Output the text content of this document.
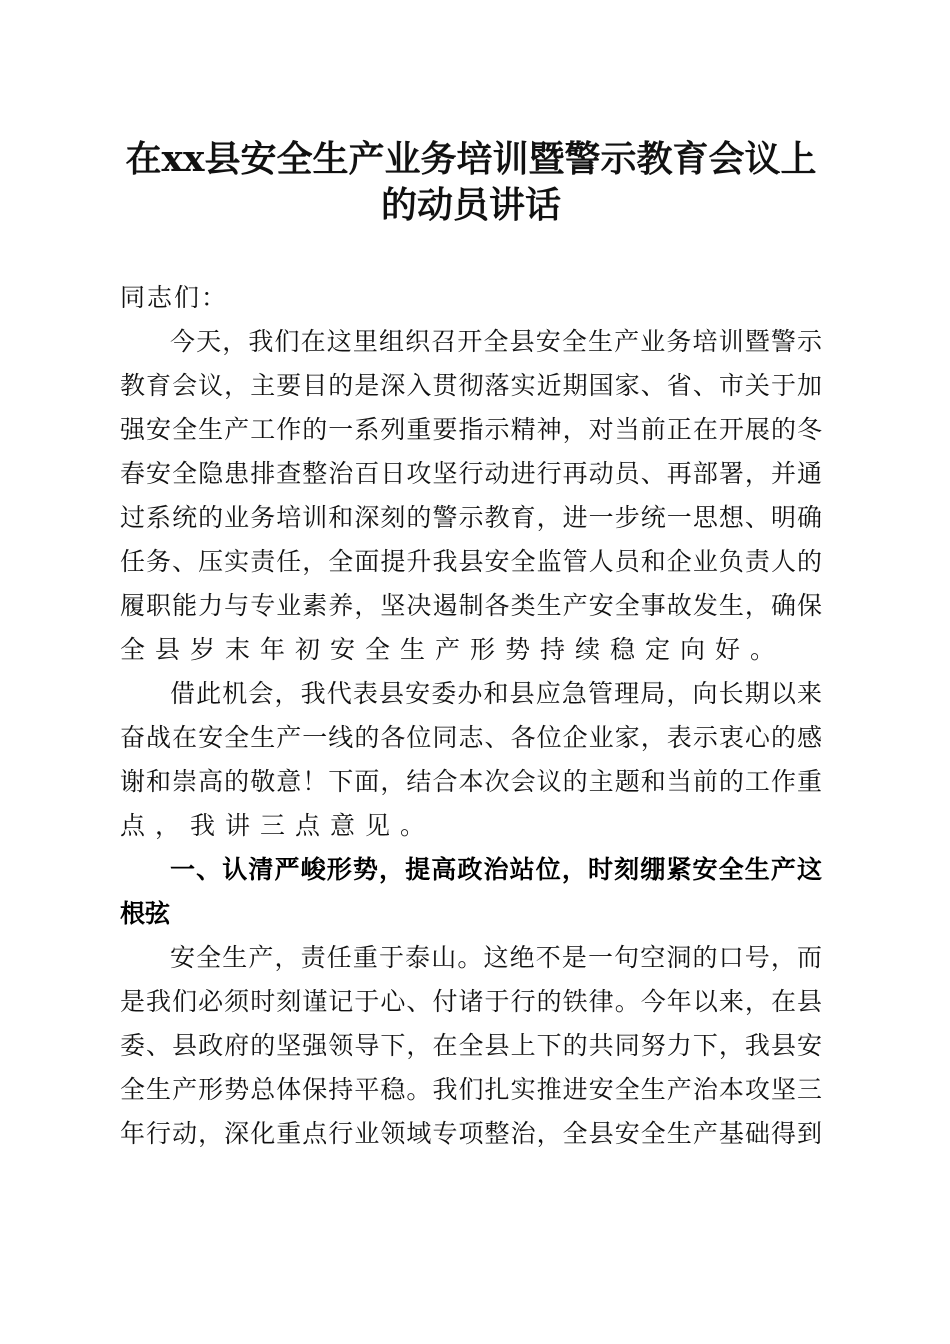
在xx县安全生产业务培训暨警示教育会议上
的动员讲话
同志们：
今天，我们在这里组织召开全县安全生产业务培训暨警示
教育会议，主要目的是深入贯彻落实近期国家、省、市关于加
强安全生产工作的一系列重要指示精神，对当前正在开展的冬
春安全隐患排查整治百日攻坚行动进行再动员、再部署，并通
过系统的业务培训和深刻的警示教育，进一步统一思想、明确
任务、压实责任，全面提升我县安全监管人员和企业负责人的
履职能力与专业素养，坚决遏制各类生产安全事故发生，确保
全县岁末年初安全生产形势持续稳定向好。
借此机会，我代表县安委办和县应急管理局，向长期以来
奋战在安全生产一线的各位同志、各位企业家，表示衷心的感
谢和崇高的敬意！下面，结合本次会议的主题和当前的工作重
点，我讲三点意见。
一、认清严峻形势，提高政治站位，时刻绷紧安全生产这
根弦
安全生产，责任重于泰山。这绝不是一句空洞的口号，而
是我们必须时刻谨记于心、付诸于行的铁律。今年以来，在县
委、县政府的坚强领导下，在全县上下的共同努力下，我县安
全生产形势总体保持平稳。我们扎实推进安全生产治本攻坚三
年行动，深化重点行业领域专项整治，全县安全生产基础得到
